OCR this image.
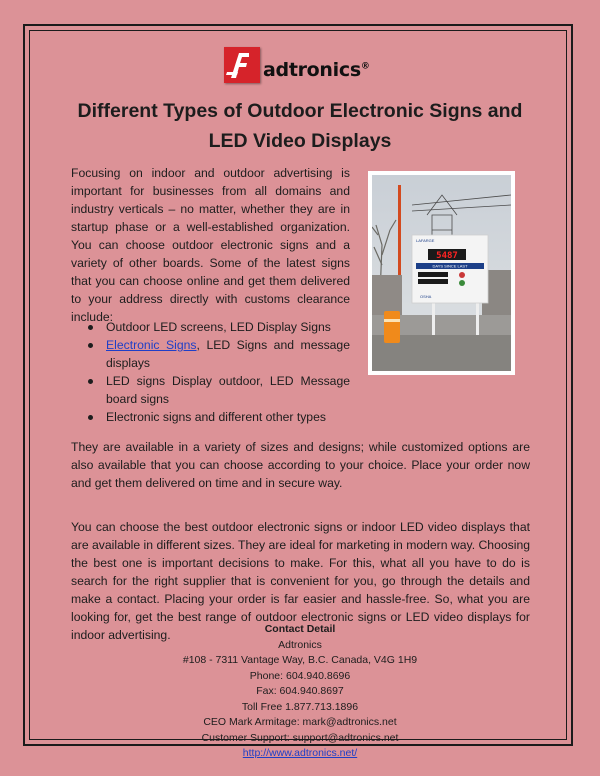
adtronics®
Different Types of Outdoor Electronic Signs and
LED Video Displays
Focusing on indoor and outdoor advertising is important for businesses from all domains and industry verticals – no matter, whether they are in startup phase or a well-established organization. You can choose outdoor electronic signs and a variety of other boards. Some of the latest signs that you can choose online and get them delivered to your address directly with customs clearance include:
LAFARGE
5487
DAYS SINCE LAST
OSHA
Outdoor LED screens, LED Display Signs
Electronic Signs, LED Signs and message displays
LED signs Display outdoor, LED Message board signs
Electronic signs and different other types
They are available in a variety of sizes and designs; while customized options are also available that you can choose according to your choice. Place your order now and get them delivered on time and in secure way.
You can choose the best outdoor electronic signs or indoor LED video displays that are available in different sizes. They are ideal for marketing in modern way. Choosing the best one is important decisions to make. For this, what all you have to do is search for the right supplier that is convenient for you, go through the details and make a contact. Placing your order is far easier and hassle-free. So, what you are looking for, get the best range of outdoor electronic signs or LED video displays for indoor advertising.	Contact Detail
Adtronics
#108 - 7311 Vantage Way, B.C. Canada, V4G 1H9
Phone: 604.940.8696
Fax: 604.940.8697
Toll Free 1.877.713.1896
CEO Mark Armitage: mark@adtronics.net
Customer Support: support@adtronics.net
http://www.adtronics.net/
